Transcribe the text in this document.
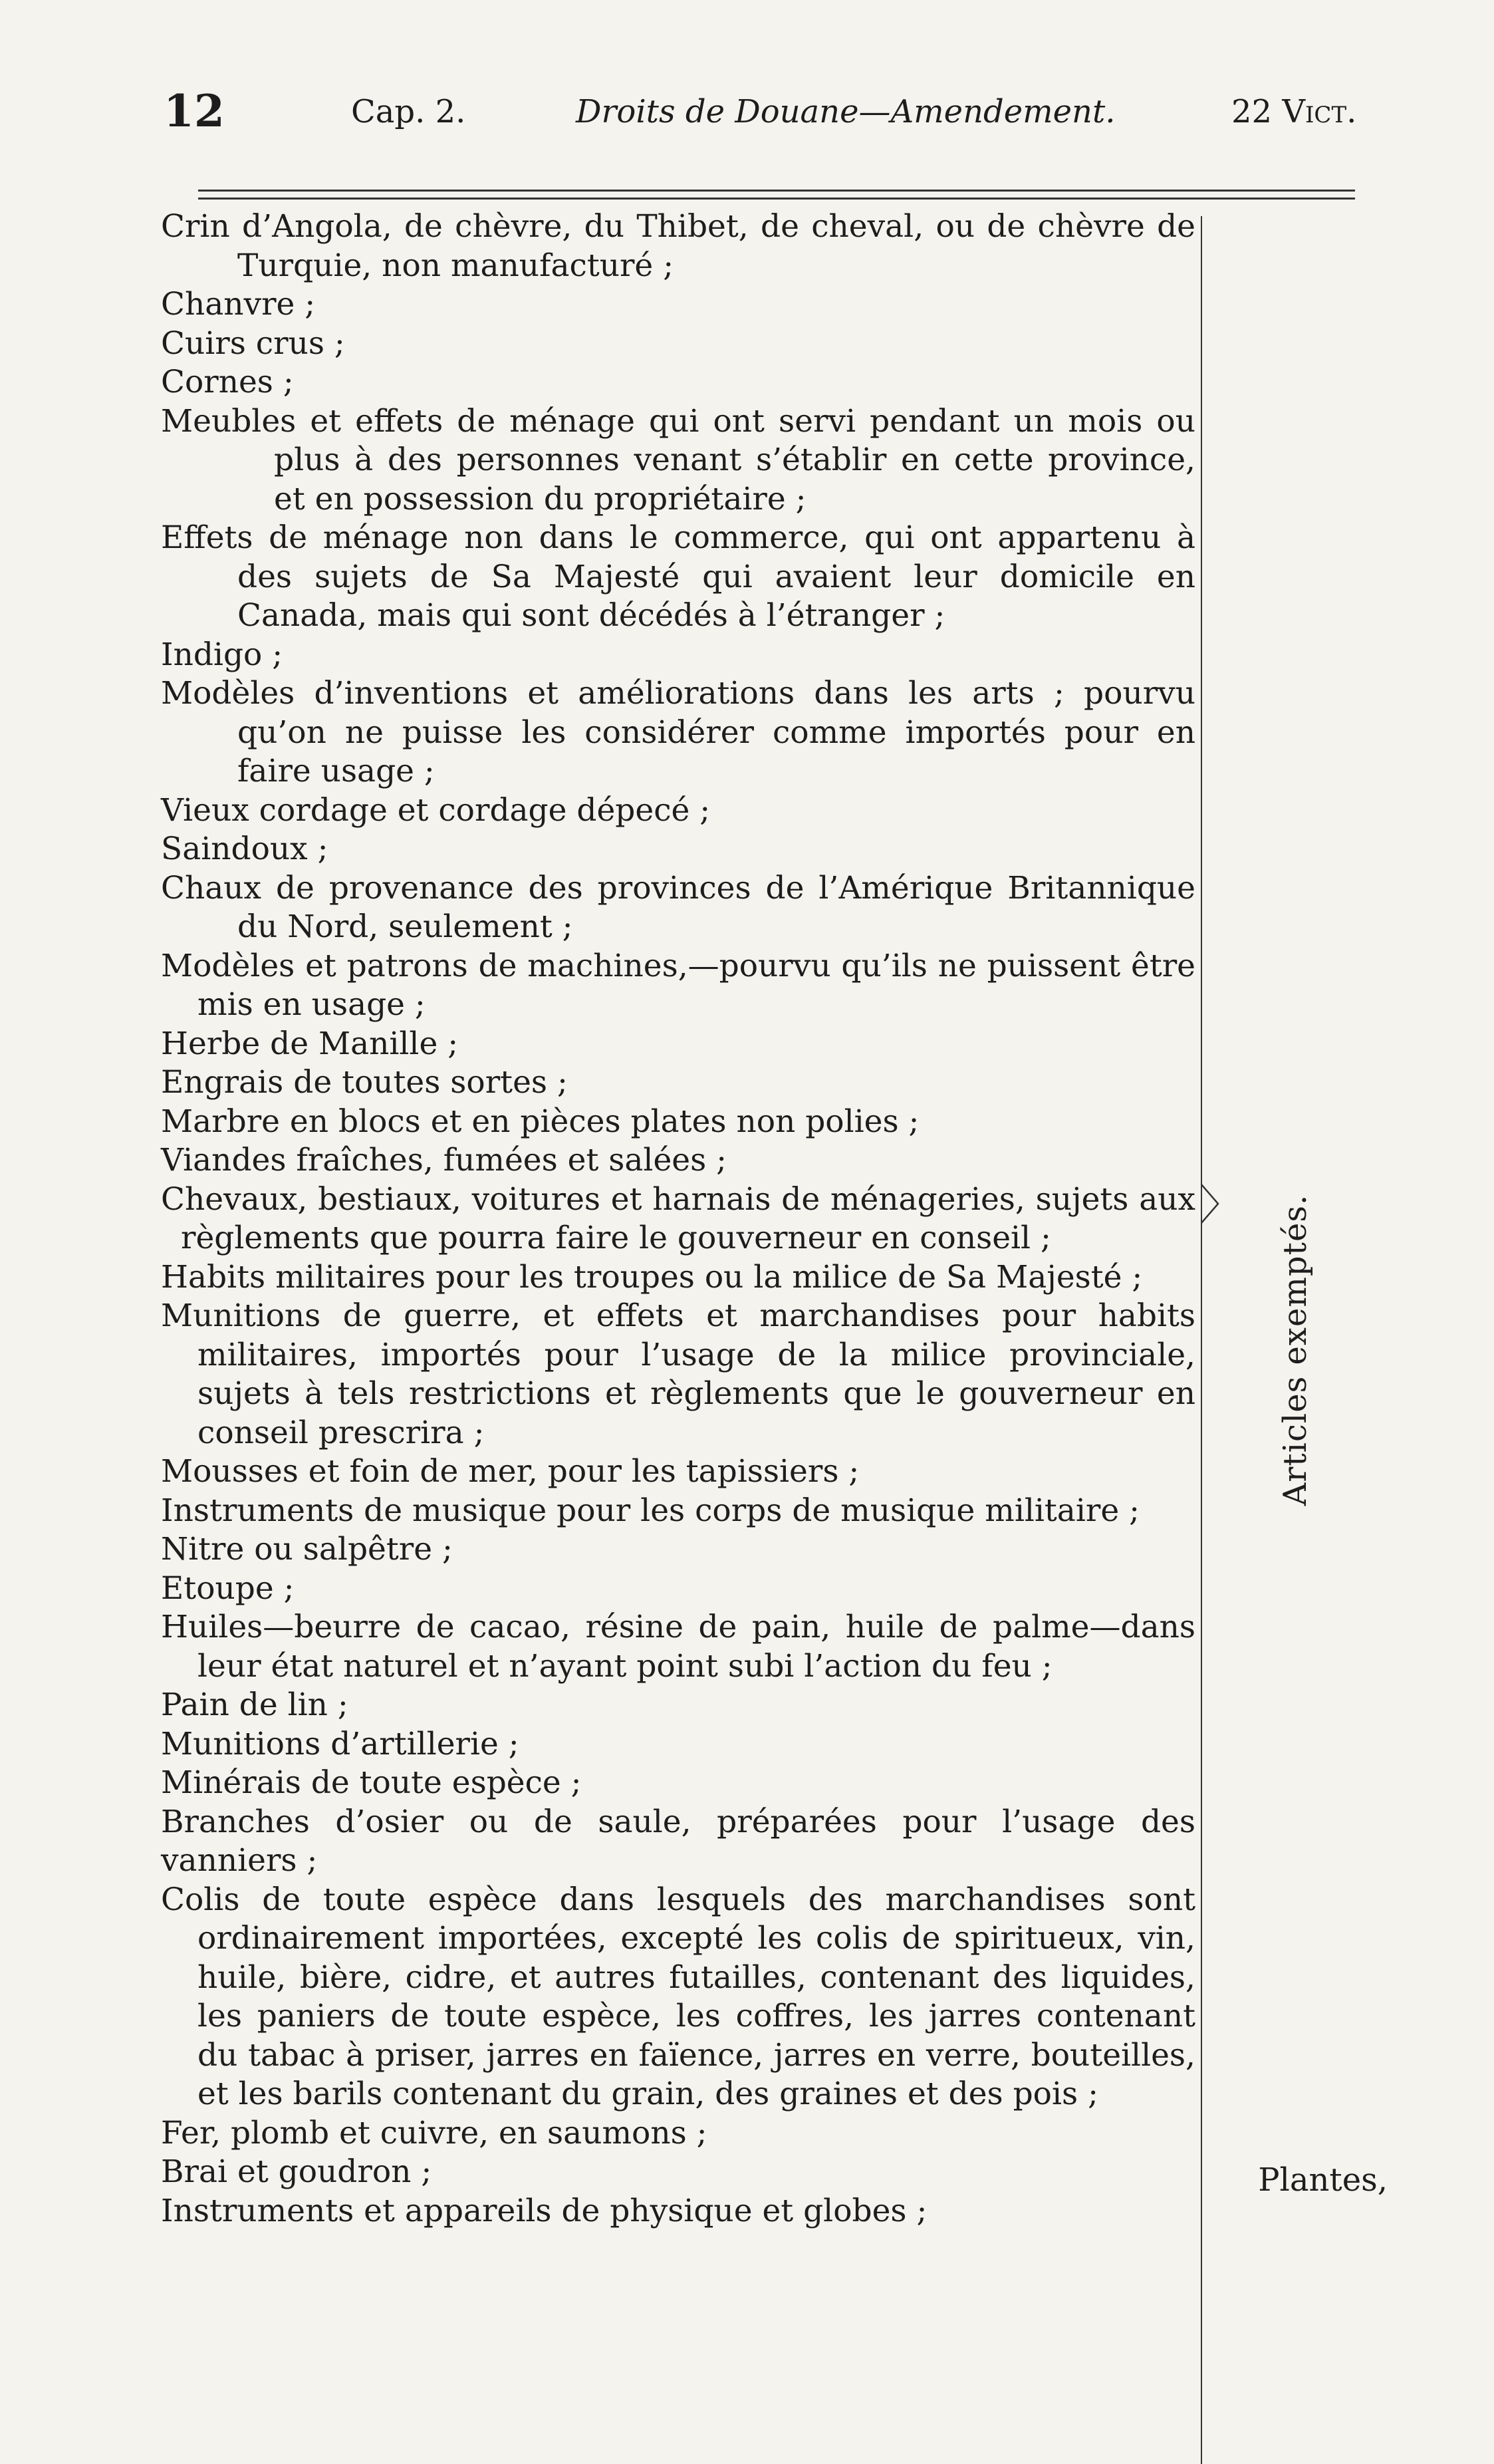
12	Cap. 2.	Droits de Douane—Amendement.	22 Vict.
Crin d’Angola, de chèvre, du Thibet, de cheval, ou de chèvre de Turquie, non manufacturé ;
Chanvre ;
Cuirs crus ;
Cornes ;
Meubles et effets de ménage qui ont servi pendant un mois ou plus à des personnes venant s’établir en cette province, et en possession du propriétaire ;
Effets de ménage non dans le commerce, qui ont appartenu à des sujets de Sa Majesté qui avaient leur domicile en Canada, mais qui sont décédés à l’étranger ;
Indigo ;
Modèles d’inventions et améliorations dans les arts ; pourvu qu’on ne puisse les considérer comme importés pour en faire usage ;
Vieux cordage et cordage dépecé ;
Saindoux ;
Chaux de provenance des provinces de l’Amérique Britannique du Nord, seulement ;
Modèles et patrons de machines,—pourvu qu’ils ne puissent être mis en usage ;
Herbe de Manille ;
Engrais de toutes sortes ;
Marbre en blocs et en pièces plates non polies ;
Viandes fraîches, fumées et salées ;
Chevaux, bestiaux, voitures et harnais de ménageries, sujets aux règlements que pourra faire le gouverneur en conseil ;
Habits militaires pour les troupes ou la milice de Sa Majesté ;
Munitions de guerre, et effets et marchandises pour habits militaires, importés pour l’usage de la milice provinciale, sujets à tels restrictions et règlements que le gouverneur en conseil prescrira ;
Mousses et foin de mer, pour les tapissiers ;
Instruments de musique pour les corps de musique militaire ;
Nitre ou salpêtre ;
Etoupe ;
Huiles—beurre de cacao, résine de pain, huile de palme—dans leur état naturel et n’ayant point subi l’action du feu ;
Pain de lin ;
Munitions d’artillerie ;
Minérais de toute espèce ;
Branches d’osier ou de saule, préparées pour l’usage des vanniers ;
Colis de toute espèce dans lesquels des marchandises sont ordinairement importées, excepté les colis de spiritueux, vin, huile, bière, cidre, et autres futailles, contenant des liquides, les paniers de toute espèce, les coffres, les jarres contenant du tabac à priser, jarres en faïence, jarres en verre, bouteilles, et les barils contenant du grain, des graines et des pois ;
Fer, plomb et cuivre, en saumons ;
Brai et goudron ;
Instruments et appareils de physique et globes ;
Articles exemptés.
Plantes,
